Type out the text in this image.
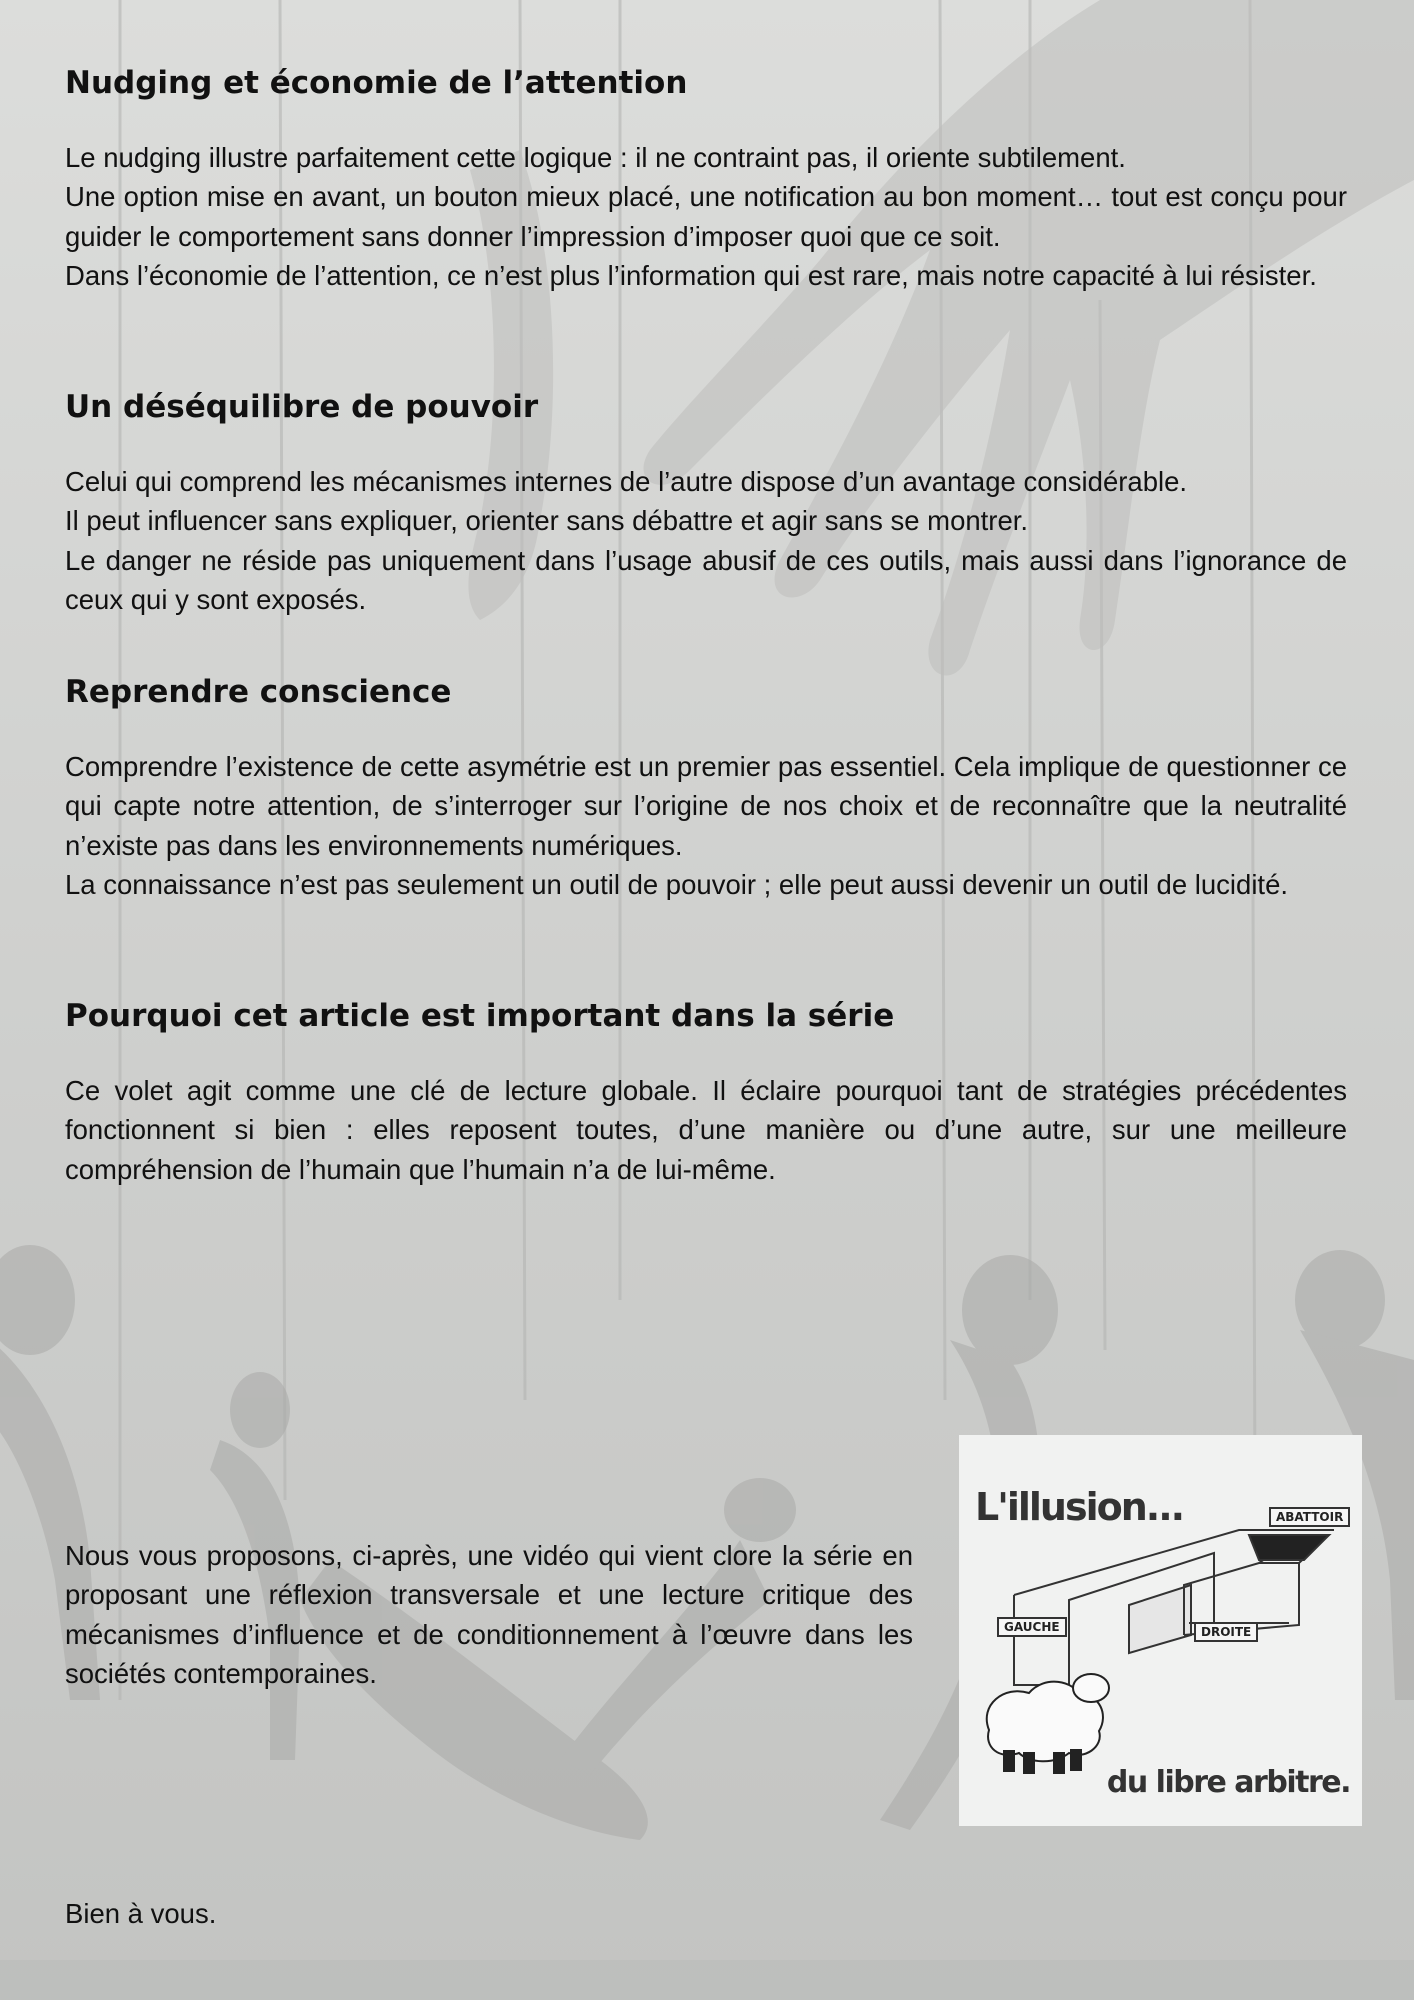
Nudging et économie de l’attention

Le nudging illustre parfaitement cette logique : il ne contraint pas, il oriente subtilement.

Une option mise en avant, un bouton mieux placé, une notification au bon moment… tout est conçu pour guider le comportement sans donner l’impression d’imposer quoi que ce soit.

Dans l’économie de l’attention, ce n’est plus l’information qui est rare, mais notre capacité à lui résister.

Un déséquilibre de pouvoir

Celui qui comprend les mécanismes internes de l’autre dispose d’un avantage considérable.

Il peut influencer sans expliquer, orienter sans débattre et agir sans se montrer.

Le danger ne réside pas uniquement dans l’usage abusif de ces outils, mais aussi dans l’ignorance de ceux qui y sont exposés.

Reprendre conscience

Comprendre l’existence de cette asymétrie est un premier pas essentiel. Cela implique de questionner ce qui capte notre attention, de s’interroger sur l’origine de nos choix et de reconnaître que la neutralité n’existe pas dans les environnements numériques.

La connaissance n’est pas seulement un outil de pouvoir ; elle peut aussi devenir un outil de lucidité.

Pourquoi cet article est important dans la série

Ce volet agit comme une clé de lecture globale. Il éclaire pourquoi tant de stratégies précédentes fonctionnent si bien : elles reposent toutes, d’une manière ou d’une autre, sur une meilleure compréhension de l’humain que l’humain n’a de lui-même.

Nous vous proposons, ci-après, une vidéo qui vient clore la série en proposant une réflexion transversale et une lecture critique des mécanismes d’influence et de conditionnement à l’œuvre dans les sociétés contemporaines.

L'illusion...	ABATTOIR
GAUCHE	DROITE
du libre arbitre.

Bien à vous.
